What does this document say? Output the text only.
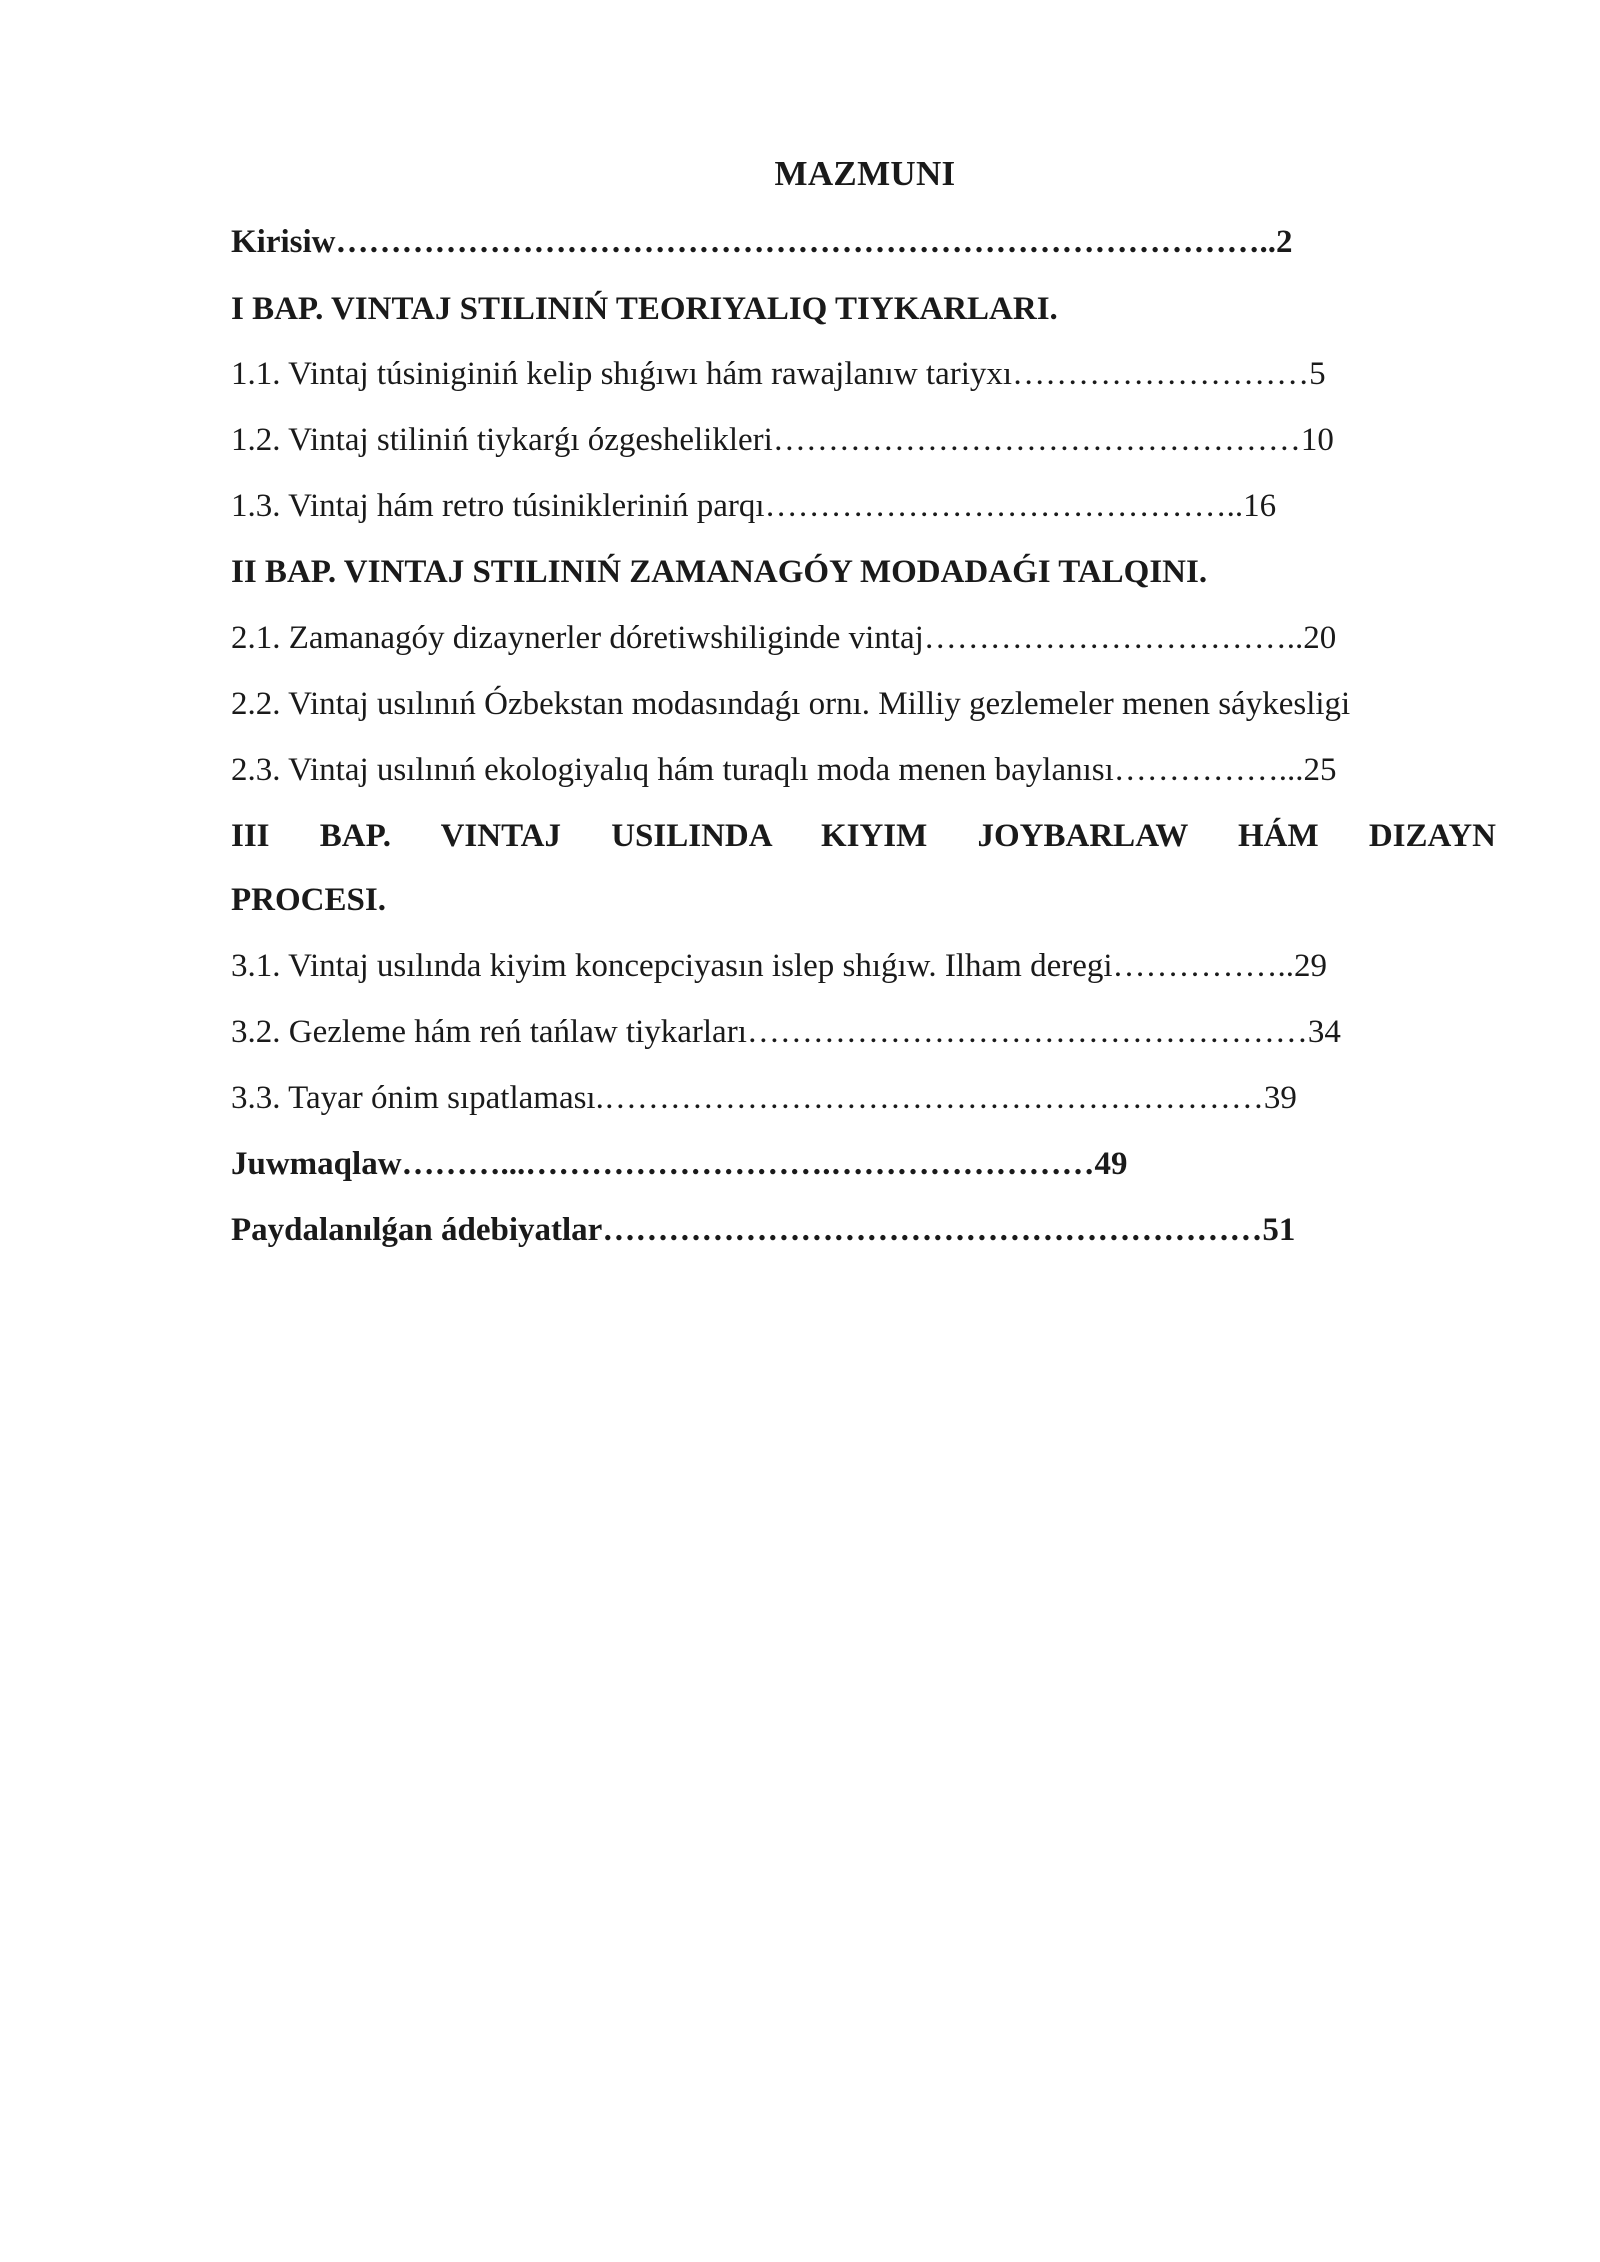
MAZMUNI
Kirisiw…………………………………………………………………………..2
I BAP. VINTAJ STILINIŃ TEORIYALIQ TIYKARLARI.
1.1. Vintaj túsiniginiń kelip shıǵıwı hám rawajlanıw tariyxı………………………5
1.2. Vintaj stiliniń tiykarǵı ózgeshelikleri…………………………………………10
1.3. Vintaj hám retro túsinikleriniń parqı……………………………………..16
II BAP. VINTAJ STILINIŃ ZAMANAGÓY MODADAǴI TALQINI.
2.1. Zamanagóy dizaynerler dóretiwshiliginde vintaj……………………………..20
2.2. Vintaj usılınıń Ózbekstan modasındaǵı ornı. Milliy gezlemeler menen sáykesligi
2.3. Vintaj usılınıń ekologiyalıq hám turaqlı moda menen baylanısı……………...25
III BAP. VINTAJ USILINDA KIYIM JOYBARLAW HÁM DIZAYN
PROCESI.
3.1. Vintaj usılında kiyim koncepciyasın islep shıǵıw. Ilham deregi……………..29
3.2. Gezleme hám reń tańlaw tiykarları……………………………………………34
3.3. Tayar ónim sıpatlaması.……………………………………………………39
Juwmaqlaw………...……………………….……………………49
Paydalanılǵan ádebiyatlar……………………………………………………51
